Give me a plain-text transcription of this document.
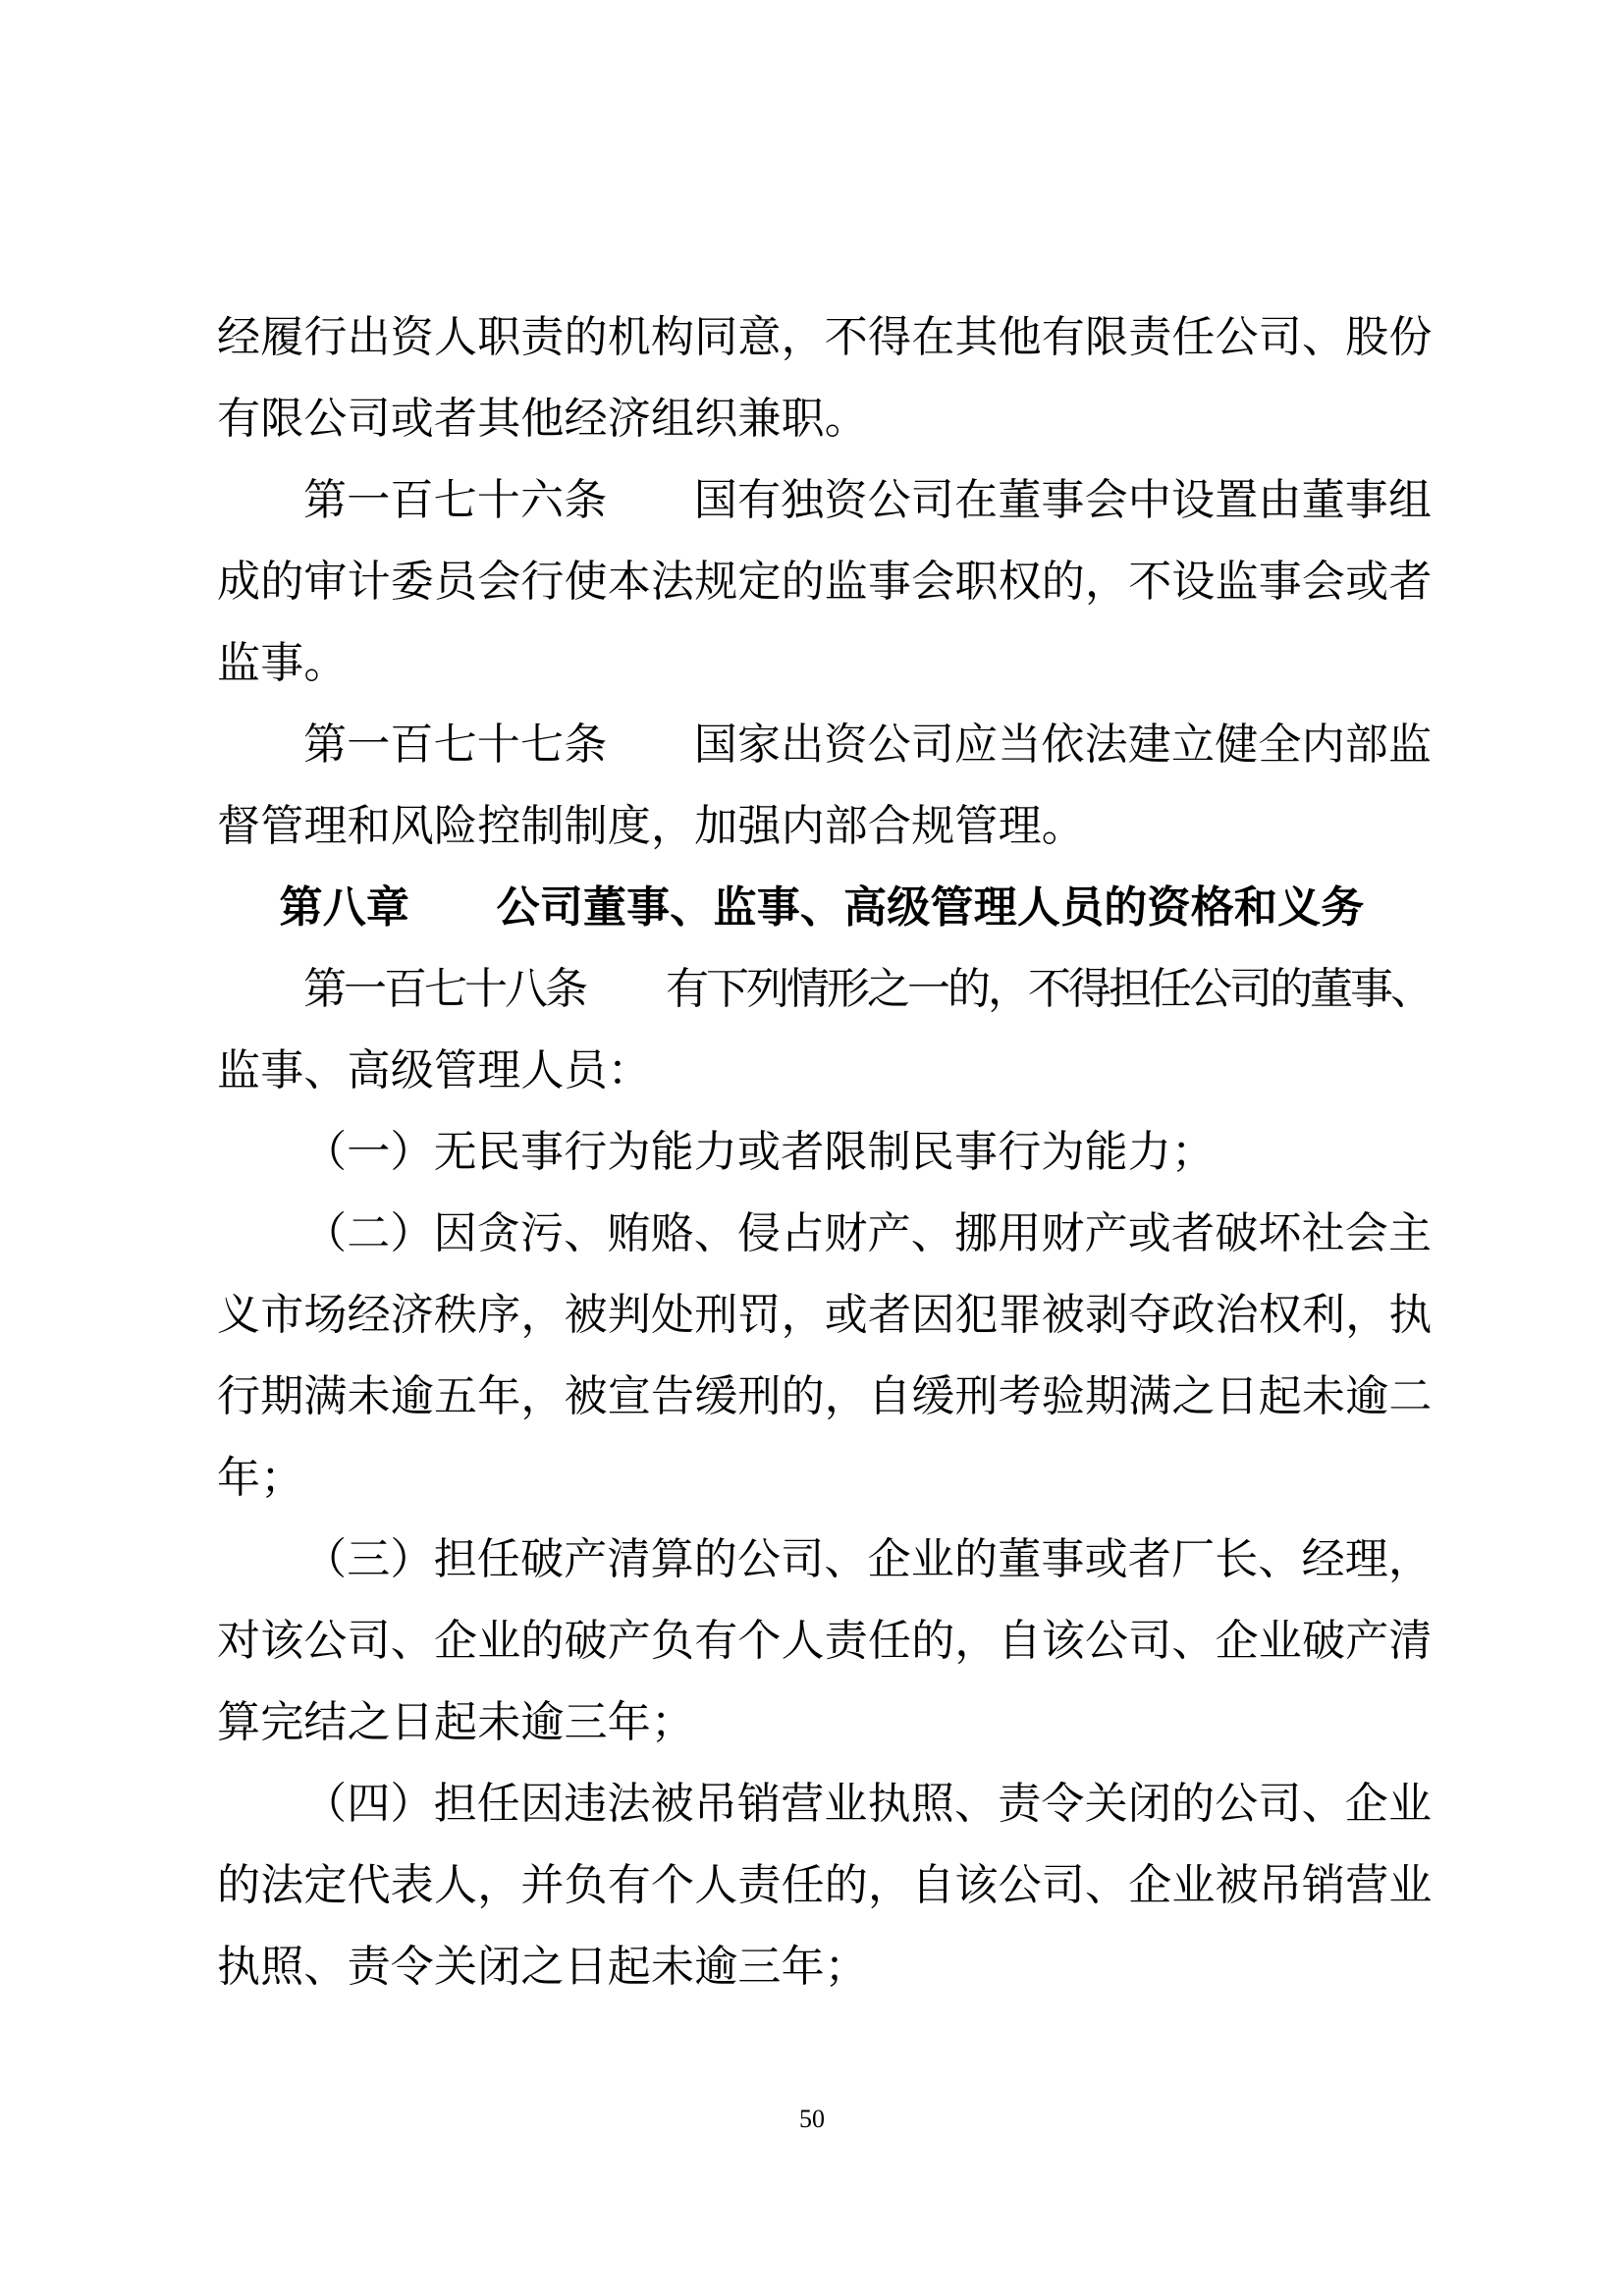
经履行出资人职责的机构同意，不得在其他有限责任公司、股份
有限公司或者其他经济组织兼职。
第一百七十六条　　国有独资公司在董事会中设置由董事组
成的审计委员会行使本法规定的监事会职权的，不设监事会或者
监事。
第一百七十七条　　国家出资公司应当依法建立健全内部监
督管理和风险控制制度，加强内部合规管理。
第八章　　公司董事、监事、高级管理人员的资格和义务
第一百七十八条　　有下列情形之一的，不得担任公司的董事、
监事、高级管理人员：
（一）无民事行为能力或者限制民事行为能力；
（二）因贪污、贿赂、侵占财产、挪用财产或者破坏社会主
义市场经济秩序，被判处刑罚，或者因犯罪被剥夺政治权利，执
行期满未逾五年，被宣告缓刑的，自缓刑考验期满之日起未逾二
年；
（三）担任破产清算的公司、企业的董事或者厂长、经理，
对该公司、企业的破产负有个人责任的，自该公司、企业破产清
算完结之日起未逾三年；
（四）担任因违法被吊销营业执照、责令关闭的公司、企业
的法定代表人，并负有个人责任的，自该公司、企业被吊销营业
执照、责令关闭之日起未逾三年；
50
